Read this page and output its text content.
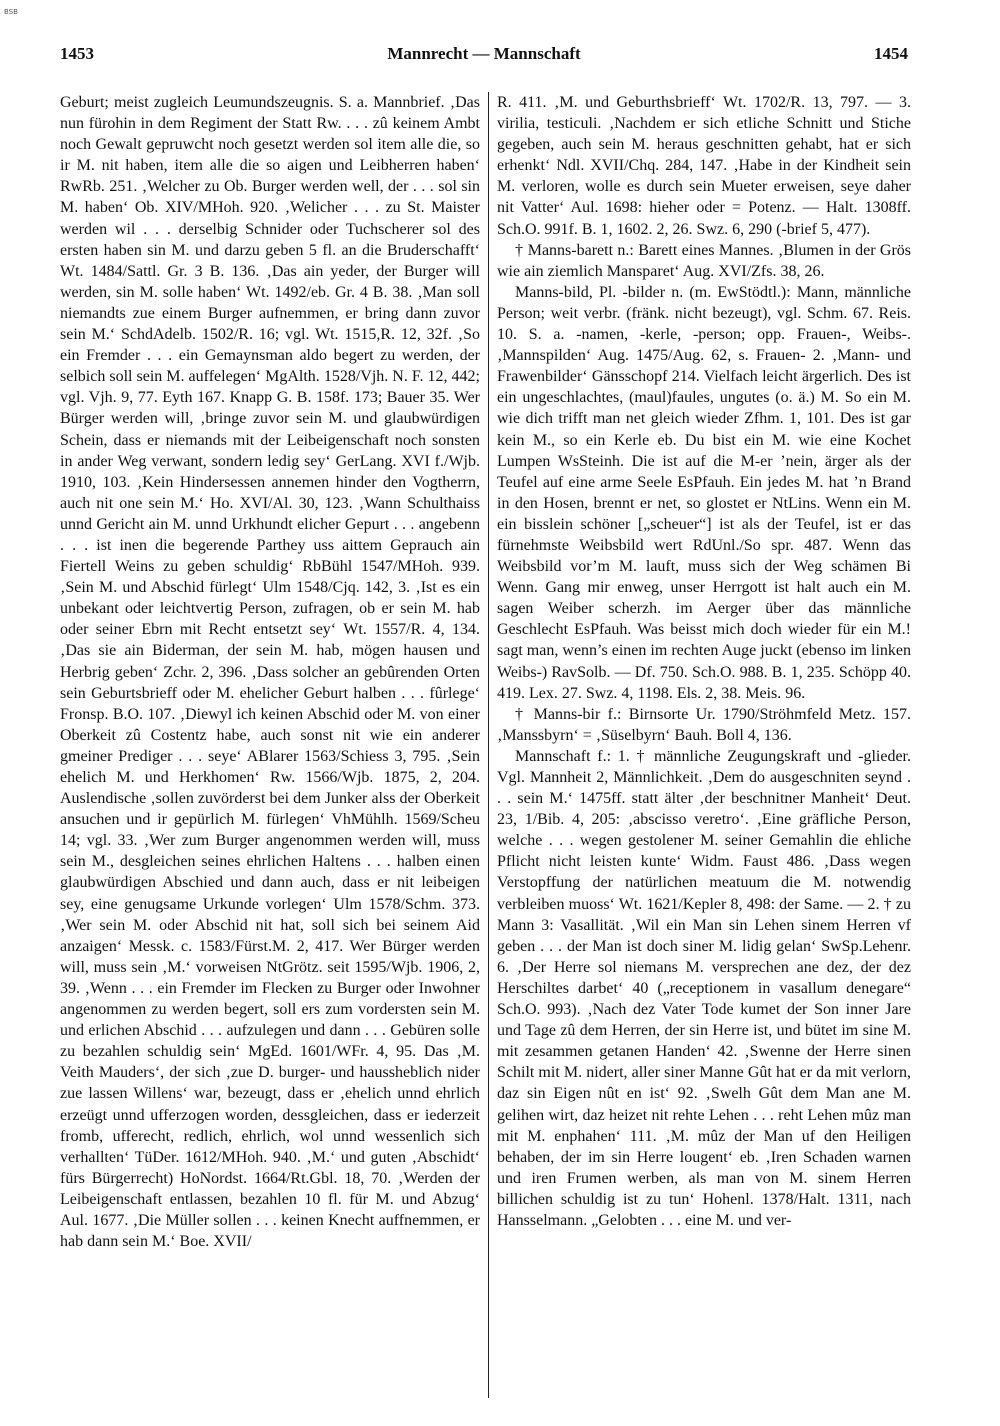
BSB
1453	Mannrecht — Mannschaft	1454

Geburt; meist zugleich Leumundszeugnis. S. a. Mannbrief. ‚Das nun fürohin in dem Regiment der Statt Rw. . . . zû keinem Ambt noch Gewalt gepruwcht noch gesetzt werden sol item alle die, so ir M. nit haben, item alle die so aigen und Leibherren haben‘ RwRb. 251. ‚Welcher zu Ob. Burger werden well, der . . . sol sin M. haben‘ Ob. XIV/MHoh. 920. ‚Welicher . . . zu St. Maister werden wil . . . derselbig Schnider oder Tuchscherer sol des ersten haben sin M. und darzu geben 5 fl. an die Bruderschafft‘ Wt. 1484/Sattl. Gr. 3 B. 136. ‚Das ain yeder, der Burger will werden, sin M. solle haben‘ Wt. 1492/eb. Gr. 4 B. 38. ‚Man soll niemandts zue einem Burger aufnemmen, er bring dann zuvor sein M.‘ SchdAdelb. 1502/R. 16; vgl. Wt. 1515,R. 12, 32f. ‚So ein Fremder . . . ein Gemaynsman aldo begert zu werden, der selbich soll sein M. auffelegen‘ MgAlth. 1528/Vjh. N. F. 12, 442; vgl. Vjh. 9, 77. Eyth 167. Knapp G. B. 158f. 173; Bauer 35. Wer Bürger werden will, ‚bringe zuvor sein M. und glaubwürdigen Schein, dass er niemands mit der Leibeigenschaft noch sonsten in ander Weg verwant, sondern ledig sey‘ GerLang. XVI f./Wjb. 1910, 103. ‚Kein Hindersessen annemen hinder den Vogtherrn, auch nit one sein M.‘ Ho. XVI/Al. 30, 123. ‚Wann Schulthaiss unnd Gericht ain M. unnd Urkhundt elicher Gepurt . . . angebenn . . . ist inen die begerende Parthey uss aittem Geprauch ain Fiertell Weins zu geben schuldig‘ RbBühl 1547/MHoh. 939. ‚Sein M. und Abschid fürlegt‘ Ulm 1548/Cjq. 142, 3. ‚Ist es ein unbekant oder leichtvertig Person, zufragen, ob er sein M. hab oder seiner Ebrn mit Recht entsetzt sey‘ Wt. 1557/R. 4, 134. ‚Das sie ain Biderman, der sein M. hab, mögen hausen und Herbrig geben‘ Zchr. 2, 396. ‚Dass solcher an gebûrenden Orten sein Geburtsbrieff oder M. ehelicher Geburt halben . . . fûrlege‘ Fronsp. B.O. 107. ‚Diewyl ich keinen Abschid oder M. von einer Oberkeit zû Costentz habe, auch sonst nit wie ein anderer gmeiner Prediger . . . seye‘ ABlarer 1563/Schiess 3, 795. ‚Sein ehelich M. und Herkhomen‘ Rw. 1566/Wjb. 1875, 2, 204. Auslendische ‚sollen zuvörderst bei dem Junker alss der Oberkeit ansuchen und ir gepürlich M. fürlegen‘ VhMühlh. 1569/Scheu 14; vgl. 33. ‚Wer zum Burger angenommen werden will, muss sein M., desgleichen seines ehrlichen Haltens . . . halben einen glaubwürdigen Abschied und dann auch, dass er nit leibeigen sey, eine genugsame Urkunde vorlegen‘ Ulm 1578/Schm. 373. ‚Wer sein M. oder Abschid nit hat, soll sich bei seinem Aid anzaigen‘ Messk. c. 1583/Fürst.M. 2, 417. Wer Bürger werden will, muss sein ‚M.‘ vorweisen NtGrötz. seit 1595/Wjb. 1906, 2, 39. ‚Wenn . . . ein Fremder im Flecken zu Burger oder Inwohner angenommen zu werden begert, soll ers zum vordersten sein M. und erlichen Abschid . . . aufzulegen und dann . . . Gebüren solle zu bezahlen schuldig sein‘ MgEd. 1601/WFr. 4, 95. Das ‚M. Veith Mauders‘, der sich ‚zue D. burger- und haussheblich nider zue lassen Willens‘ war, bezeugt, dass er ‚ehelich unnd ehrlich erzeügt unnd ufferzogen worden, dessgleichen, dass er iederzeit fromb, ufferecht, redlich, ehrlich, wol unnd wessenlich sich verhallten‘ TüDer. 1612/MHoh. 940. ‚M.‘ und guten ‚Abschidt‘ fürs Bürgerrecht) HoNordst. 1664/Rt.Gbl. 18, 70. ‚Werden der Leibeigenschaft entlassen, bezahlen 10 fl. für M. und Abzug‘ Aul. 1677. ‚Die Müller sollen . . . keinen Knecht auffnemmen, er hab dann sein M.‘ Boe. XVII/

R. 411. ‚M. und Geburthsbrieff‘ Wt. 1702/R. 13, 797. — 3. virilia, testiculi. ‚Nachdem er sich etliche Schnitt und Stiche gegeben, auch sein M. heraus geschnitten gehabt, hat er sich erhenkt‘ Ndl. XVII/Chq. 284, 147. ‚Habe in der Kindheit sein M. verloren, wolle es durch sein Mueter erweisen, seye daher nit Vatter‘ Aul. 1698: hieher oder = Potenz. — Halt. 1308ff. Sch.O. 991f. B. 1, 1602. 2, 26. Swz. 6, 290 (-brief 5, 477).

† Manns-barett n.: Barett eines Mannes. ‚Blumen in der Grös wie ain ziemlich Mansparet‘ Aug. XVI/Zfs. 38, 26.

Manns-bild, Pl. -bilder n. (m. EwStödtl.): Mann, männliche Person; weit verbr. (fränk. nicht bezeugt), vgl. Schm. 67. Reis. 10. S. a. -namen, -kerle, -person; opp. Frauen-, Weibs-. ‚Mannspilden‘ Aug. 1475/Aug. 62, s. Frauen- 2. ‚Mann- und Frawenbilder‘ Gänsschopf 214. Vielfach leicht ärgerlich. Des ist ein ungeschlachtes, (maul)faules, ungutes (o. ä.) M. So ein M. wie dich trifft man net gleich wieder Zfhm. 1, 101. Des ist gar kein M., so ein Kerle eb. Du bist ein M. wie eine Kochet Lumpen WsSteinh. Die ist auf die M-er ’nein, ärger als der Teufel auf eine arme Seele EsPfauh. Ein jedes M. hat ’n Brand in den Hosen, brennt er net, so glostet er NtLins. Wenn ein M. ein bisslein schöner [„scheuer“] ist als der Teufel, ist er das fürnehmste Weibsbild wert RdUnl./So spr. 487. Wenn das Weibsbild vor’m M. lauft, muss sich der Weg schämen Bi Wenn. Gang mir enweg, unser Herrgott ist halt auch ein M. sagen Weiber scherzh. im Aerger über das männliche Geschlecht EsPfauh. Was beisst mich doch wieder für ein M.! sagt man, wenn’s einen im rechten Auge juckt (ebenso im linken Weibs-) RavSolb. — Df. 750. Sch.O. 988. B. 1, 235. Schöpp 40. 419. Lex. 27. Swz. 4, 1198. Els. 2, 38. Meis. 96.

† Manns-bir f.: Birnsorte Ur. 1790/Ströhmfeld Metz. 157. ‚Manssbyrn‘ = ‚Süselbyrn‘ Bauh. Boll 4, 136.

Mannschaft f.: 1. † männliche Zeugungskraft und -glieder. Vgl. Mannheit 2, Männlichkeit. ‚Dem do ausgeschniten seynd . . . sein M.‘ 1475ff. statt älter ‚der beschnitner Manheit‘ Deut. 23, 1/Bib. 4, 205: ‚abscisso veretro‘. ‚Eine gräfliche Person, welche . . . wegen gestolener M. seiner Gemahlin die ehliche Pflicht nicht leisten kunte‘ Widm. Faust 486. ‚Dass wegen Verstopffung der natürlichen meatuum die M. notwendig verbleiben muoss‘ Wt. 1621/Kepler 8, 498: der Same. — 2. † zu Mann 3: Vasallität. ‚Wil ein Man sin Lehen sinem Herren vf geben . . . der Man ist doch siner M. lidig gelan‘ SwSp.Lehenr. 6. ‚Der Herre sol niemans M. versprechen ane dez, der dez Herschiltes darbet‘ 40 („receptionem in vasallum denegare“ Sch.O. 993). ‚Nach dez Vater Tode kumet der Son inner Jare und Tage zû dem Herren, der sin Herre ist, und bütet im sine M. mit zesammen getanen Handen‘ 42. ‚Swenne der Herre sinen Schilt mit M. nidert, aller siner Manne Gût hat er da mit verlorn, daz sin Eigen nût en ist‘ 92. ‚Swelh Gût dem Man ane M. gelihen wirt, daz heizet nit rehte Lehen . . . reht Lehen mûz man mit M. enphahen‘ 111. ‚M. mûz der Man uf den Heiligen behaben, der im sin Herre lougent‘ eb. ‚Iren Schaden warnen und iren Frumen werben, als man von M. sinem Herren billichen schuldig ist zu tun‘ Hohenl. 1378/Halt. 1311, nach Hansselmann. „Gelobten . . . eine M. und ver-
